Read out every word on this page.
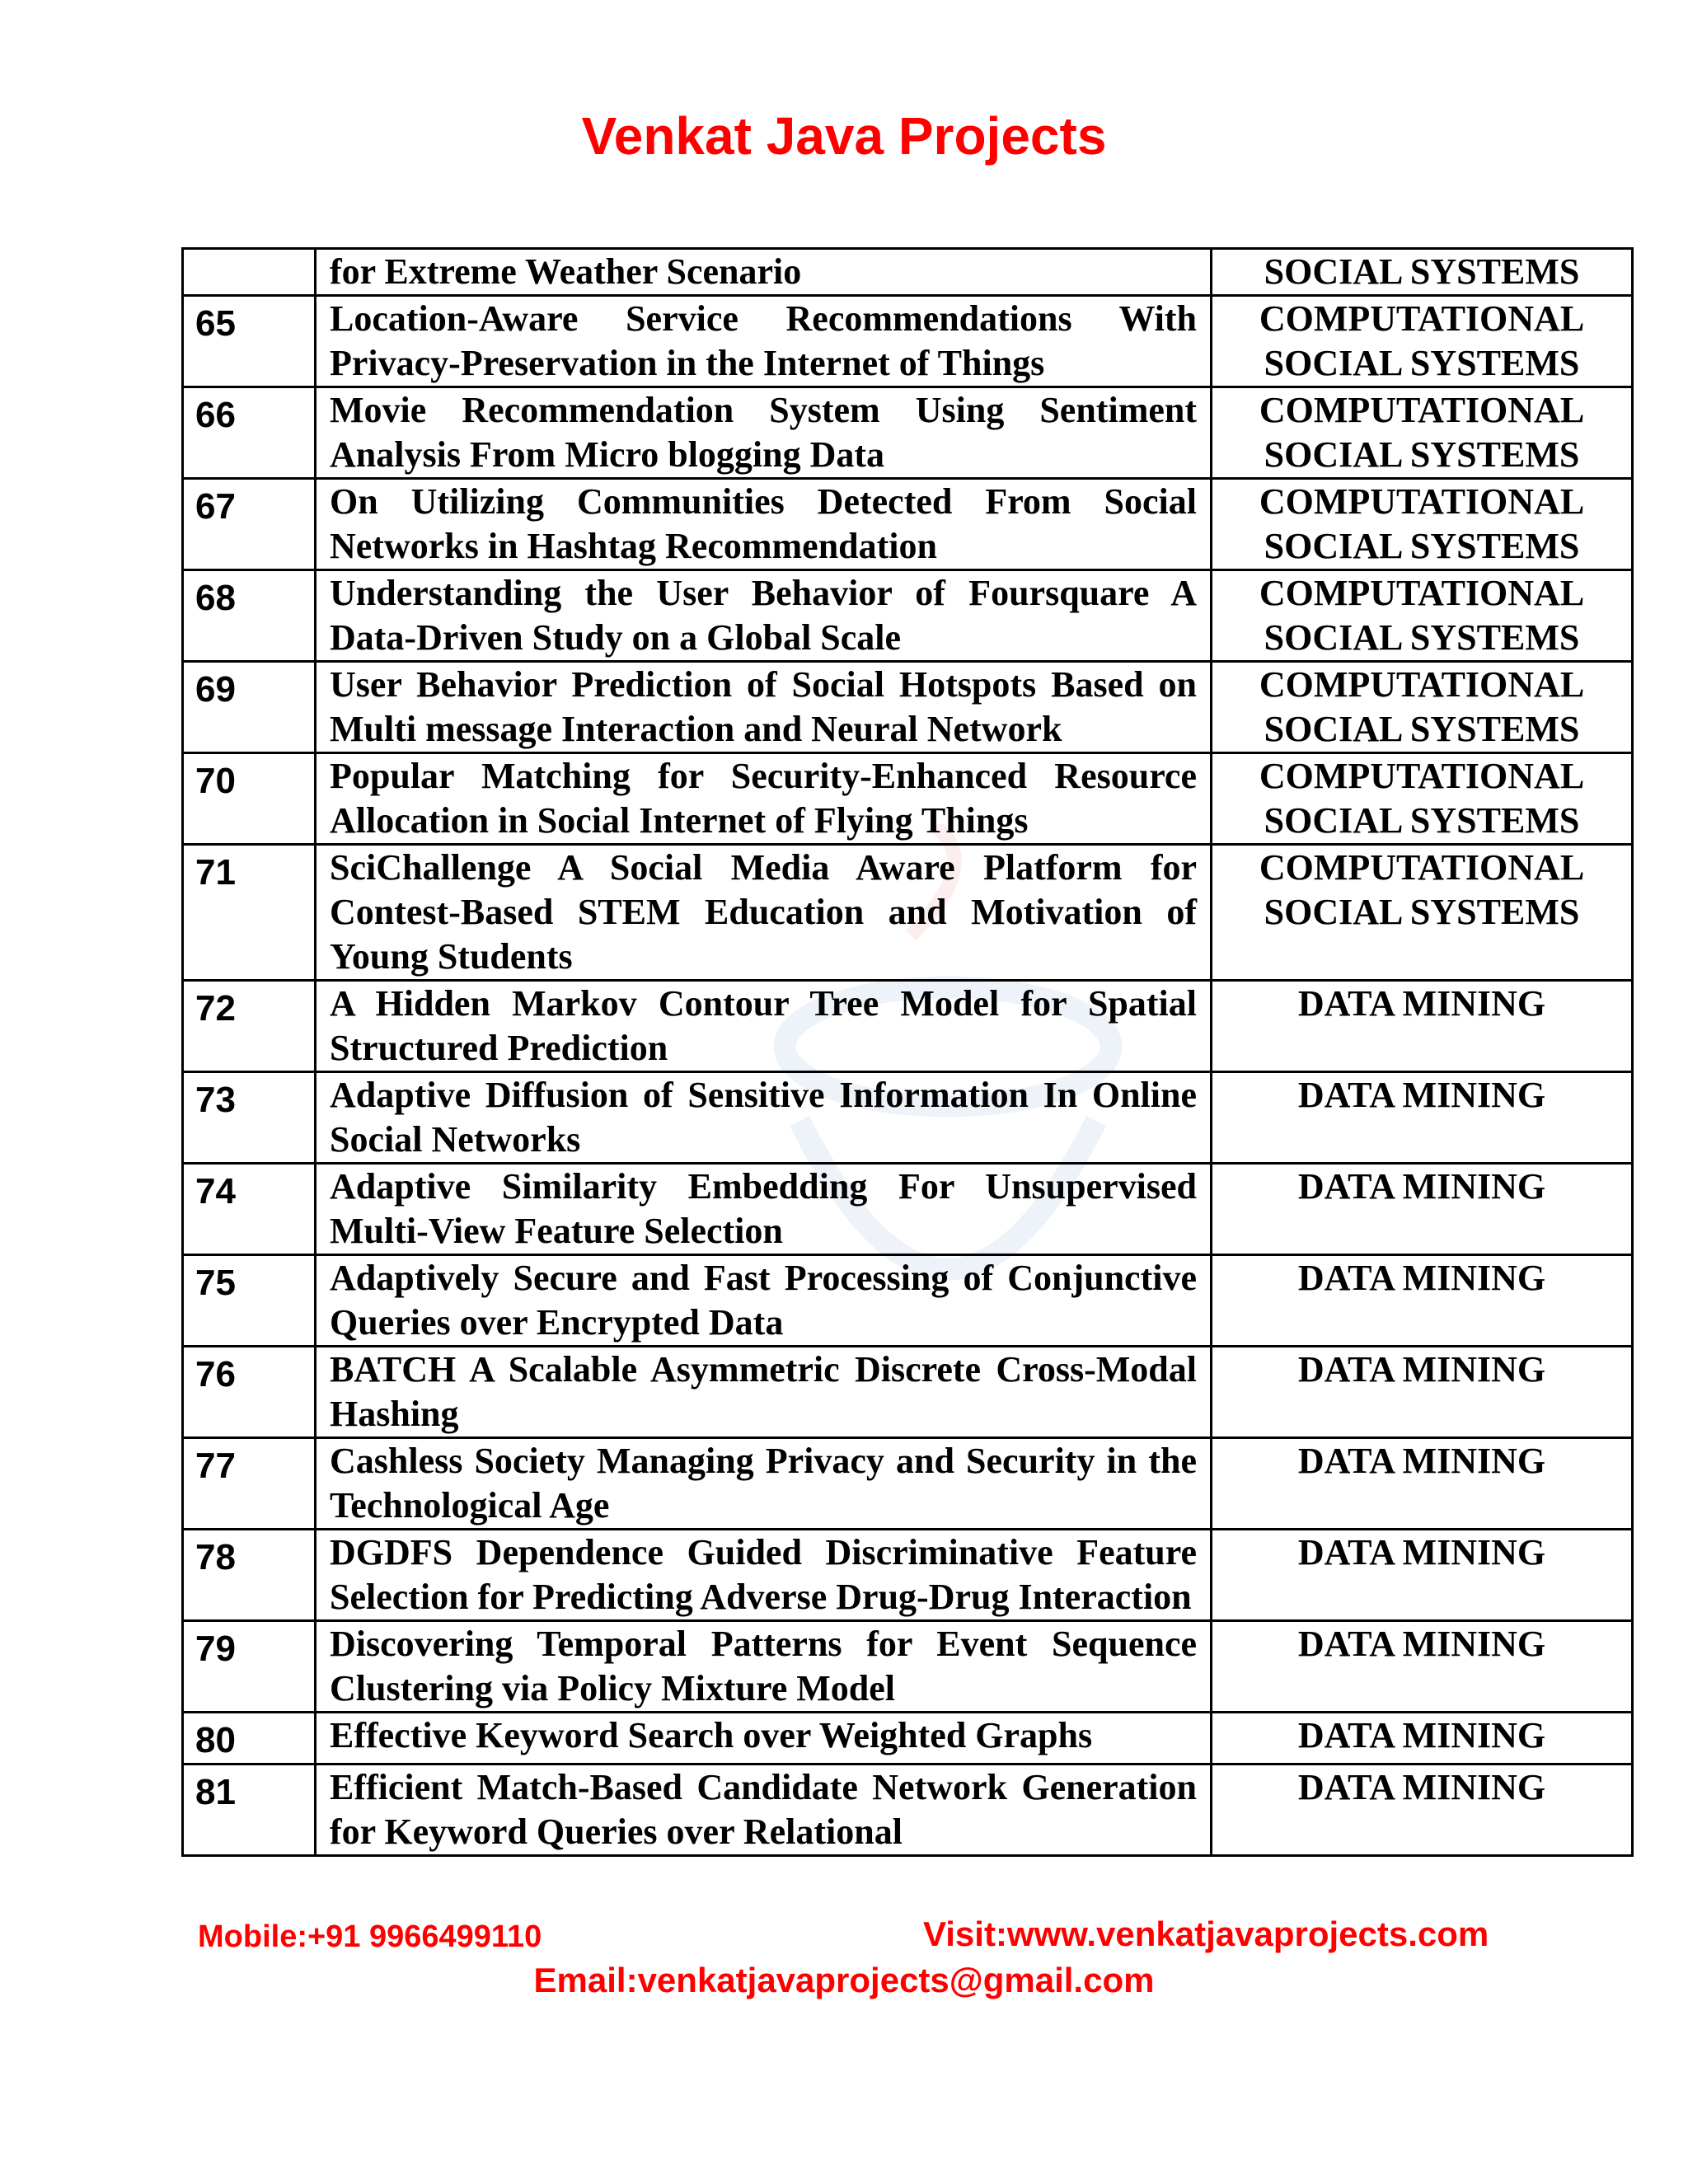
Venkat Java Projects
	for Extreme Weather Scenario	SOCIAL SYSTEMS
65	Location-Aware Service Recommendations With Privacy-Preservation in the Internet of Things	COMPUTATIONAL SOCIAL SYSTEMS
66	Movie Recommendation System Using Sentiment Analysis From Micro blogging Data	COMPUTATIONAL SOCIAL SYSTEMS
67	On Utilizing Communities Detected From Social Networks in Hashtag Recommendation	COMPUTATIONAL SOCIAL SYSTEMS
68	Understanding the User Behavior of Foursquare A Data-Driven Study on a Global Scale	COMPUTATIONAL SOCIAL SYSTEMS
69	User Behavior Prediction of Social Hotspots Based on Multi message Interaction and Neural Network	COMPUTATIONAL SOCIAL SYSTEMS
70	Popular Matching for Security-Enhanced Resource Allocation in Social Internet of Flying Things	COMPUTATIONAL SOCIAL SYSTEMS
71	SciChallenge A Social Media Aware Platform for Contest-Based STEM Education and Motivation of Young Students	COMPUTATIONAL SOCIAL SYSTEMS
72	A Hidden Markov Contour Tree Model for Spatial Structured Prediction	DATA MINING
73	Adaptive Diffusion of Sensitive Information In Online Social Networks	DATA MINING
74	Adaptive Similarity Embedding For Unsupervised Multi-View Feature Selection	DATA MINING
75	Adaptively Secure and Fast Processing of Conjunctive Queries over Encrypted Data	DATA MINING
76	BATCH A Scalable Asymmetric Discrete Cross-Modal Hashing	DATA MINING
77	Cashless Society Managing Privacy and Security in the Technological Age	DATA MINING
78	DGDFS Dependence Guided Discriminative Feature Selection for Predicting Adverse Drug-Drug Interaction	DATA MINING
79	Discovering Temporal Patterns for Event Sequence Clustering via Policy Mixture Model	DATA MINING
80	Effective Keyword Search over Weighted Graphs	DATA MINING
81	Efficient Match-Based Candidate Network Generation for Keyword Queries over Relational	DATA MINING
Mobile:+91 9966499110	Visit:www.venkatjavaprojects.com
Email:venkatjavaprojects@gmail.com
